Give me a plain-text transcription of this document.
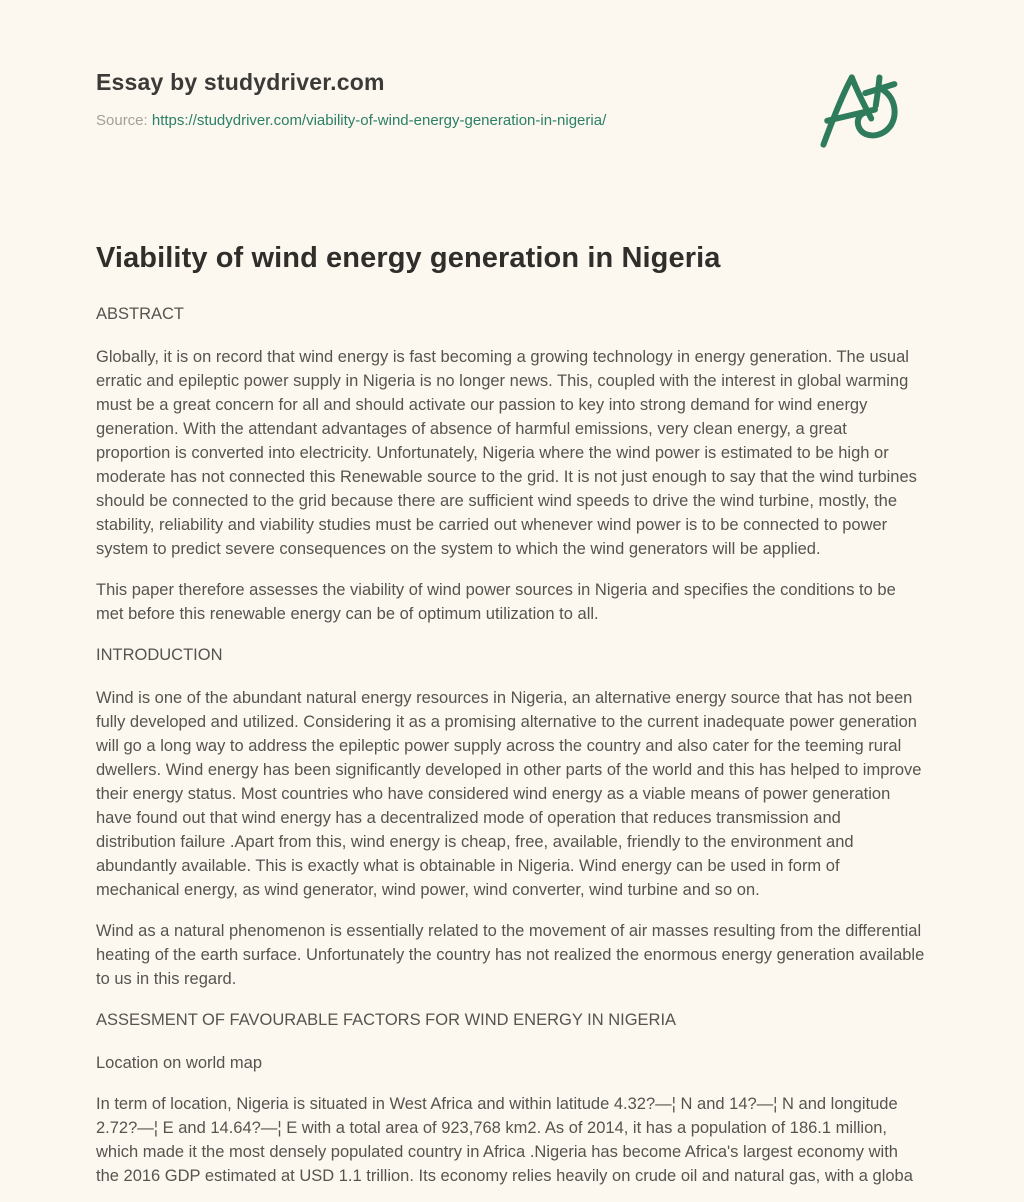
Essay by studydriver.com

Source: https://studydriver.com/viability-of-wind-energy-generation-in-nigeria/

Viability of wind energy generation in Nigeria

ABSTRACT

Globally, it is on record that wind energy is fast becoming a growing technology in energy generation. The usual erratic and epileptic power supply in Nigeria is no longer news. This, coupled with the interest in global warming must be a great concern for all and should activate our passion to key into strong demand for wind energy generation. With the attendant advantages of absence of harmful emissions, very clean energy, a great proportion is converted into electricity. Unfortunately, Nigeria where the wind power is estimated to be high or moderate has not connected this Renewable source to the grid. It is not just enough to say that the wind turbines should be connected to the grid because there are sufficient wind speeds to drive the wind turbine, mostly, the stability, reliability and viability studies must be carried out whenever wind power is to be connected to power system to predict severe consequences on the system to which the wind generators will be applied.

This paper therefore assesses the viability of wind power sources in Nigeria and specifies the conditions to be met before this renewable energy can be of optimum utilization to all.

INTRODUCTION

Wind is one of the abundant natural energy resources in Nigeria, an alternative energy source that has not been fully developed and utilized. Considering it as a promising alternative to the current inadequate power generation will go a long way to address the epileptic power supply across the country and also cater for the teeming rural dwellers. Wind energy has been significantly developed in other parts of the world and this has helped to improve their energy status. Most countries who have considered wind energy as a viable means of power generation have found out that wind energy has a decentralized mode of operation that reduces transmission and distribution failure .Apart from this, wind energy is cheap, free, available, friendly to the environment and abundantly available. This is exactly what is obtainable in Nigeria. Wind energy can be used in form of mechanical energy, as wind generator, wind power, wind converter, wind turbine and so on.

Wind as a natural phenomenon is essentially related to the movement of air masses resulting from the differential heating of the earth surface. Unfortunately the country has not realized the enormous energy generation available to us in this regard.

ASSESMENT OF FAVOURABLE FACTORS FOR WIND ENERGY IN NIGERIA

Location on world map

In term of location, Nigeria is situated in West Africa and within latitude 4.32?—¦ N and 14?—¦ N and longitude 2.72?—¦ E and 14.64?—¦ E with a total area of 923,768 km2. As of 2014, it has a population of 186.1 million, which made it the most densely populated country in Africa .Nigeria has become Africa's largest economy with the 2016 GDP estimated at USD 1.1 trillion. Its economy relies heavily on crude oil and natural gas, with a globa
